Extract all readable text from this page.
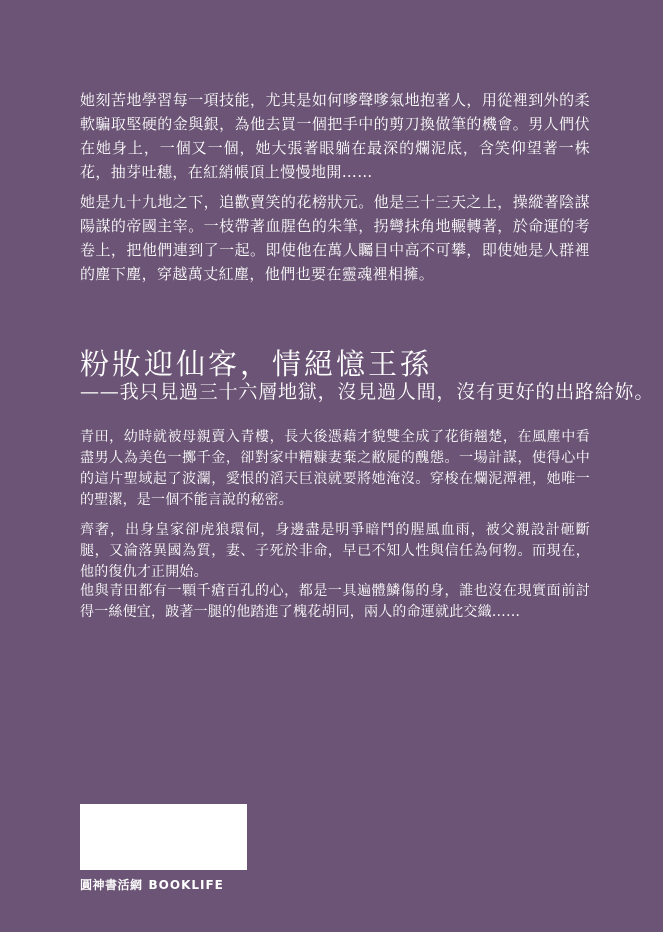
她刻苦地學習每一項技能，尤其是如何嗲聲嗲氣地抱著人，用從裡到外的柔軟騙取堅硬的金與銀，為他去買一個把手中的剪刀換做筆的機會。男人們伏在她身上，一個又一個，她大張著眼躺在最深的爛泥底，含笑仰望著一株花，抽芽吐穗，在紅綃帳頂上慢慢地開……

她是九十九地之下，追歡賣笑的花榜狀元。他是三十三天之上，操縱著陰謀陽謀的帝國主宰。一枝帶著血腥色的朱筆，拐彎抹角地輾轉著，於命運的考卷上，把他們連到了一起。即使他在萬人矚目中高不可攀，即使她是人群裡的塵下塵，穿越萬丈紅塵，他們也要在靈魂裡相擁。

粉妝迎仙客，情絕憶王孫
——我只見過三十六層地獄，沒見過人間，沒有更好的出路給妳。

青田，幼時就被母親賣入青樓，長大後憑藉才貌雙全成了花街翹楚，在風塵中看盡男人為美色一擲千金，卻對家中糟糠妻棄之敝屣的醜態。一場計謀，使得心中的這片聖域起了波瀾，愛恨的滔天巨浪就要將她淹沒。穿梭在爛泥潭裡，她唯一的聖潔，是一個不能言說的秘密。

齊奢，出身皇家卻虎狼環伺，身邊盡是明爭暗鬥的腥風血雨，被父親設計砸斷腿，又淪落異國為質，妻、子死於非命，早已不知人性與信任為何物。而現在，他的復仇才正開始。

他與青田都有一顆千瘡百孔的心，都是一具遍體鱗傷的身，誰也沒在現實面前討得一絲便宜，跛著一腿的他踏進了槐花胡同，兩人的命運就此交織……

圓神書活網 BOOKLIFE
